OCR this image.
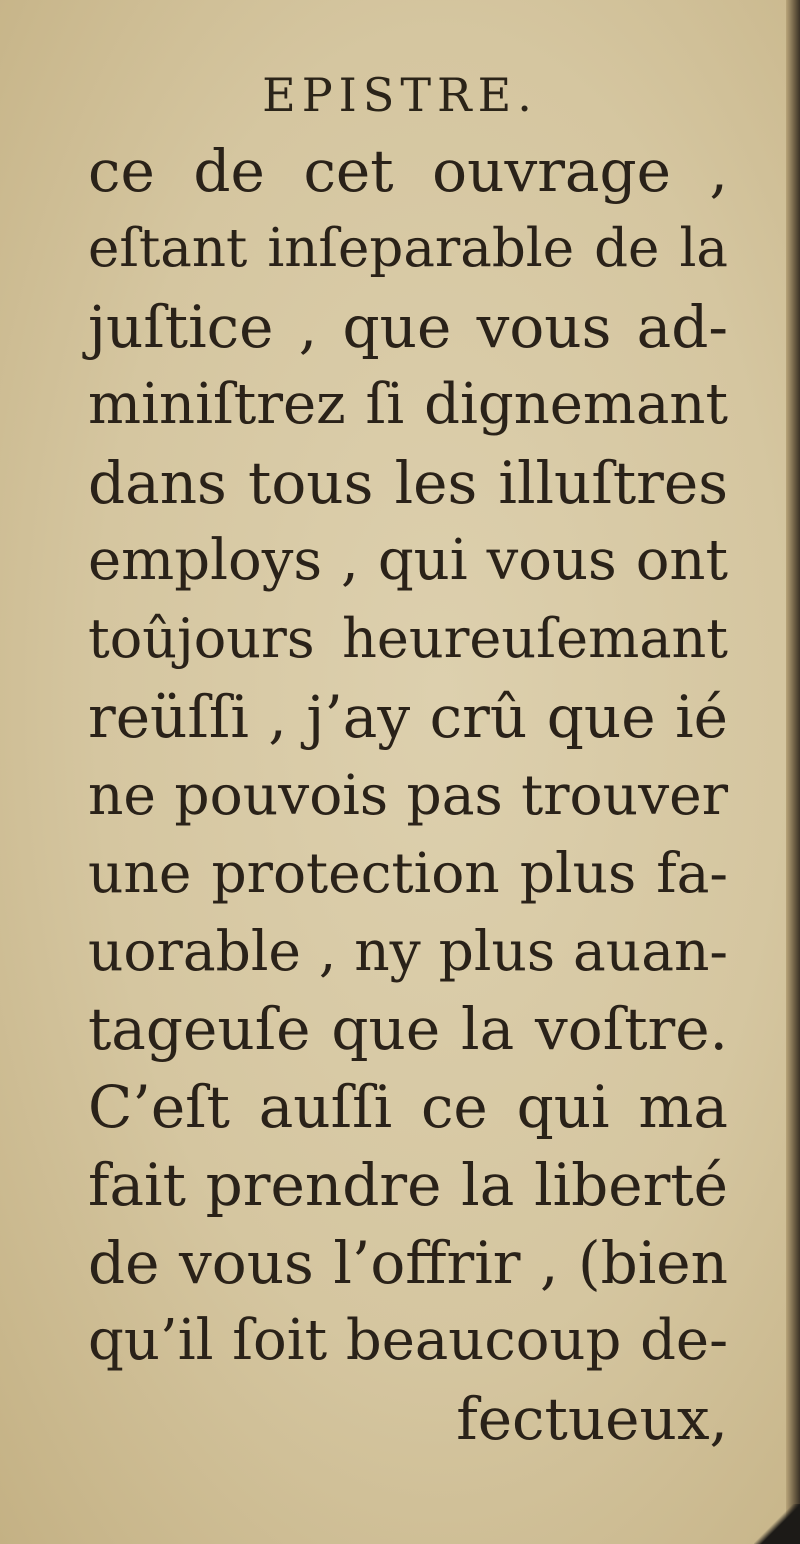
EPISTRE.
ce de cet ouvrage ,
eſtant inſeparable de la
juſtice , que vous ad-
miniſtrez ſi dignemant
dans tous les illuſtres
employs , qui vous ont
toûjours heureuſemant
reüſſi , j’ay crû que ié
ne pouvois pas trouver
une protection plus fa-
uorable , ny plus auan-
tageuſe que la voſtre.
C’eſt auſſi ce qui ma
fait prendre la liberté
de vous l’offrir , (bien
qu’il ſoit beaucoup de-
fectueux,
